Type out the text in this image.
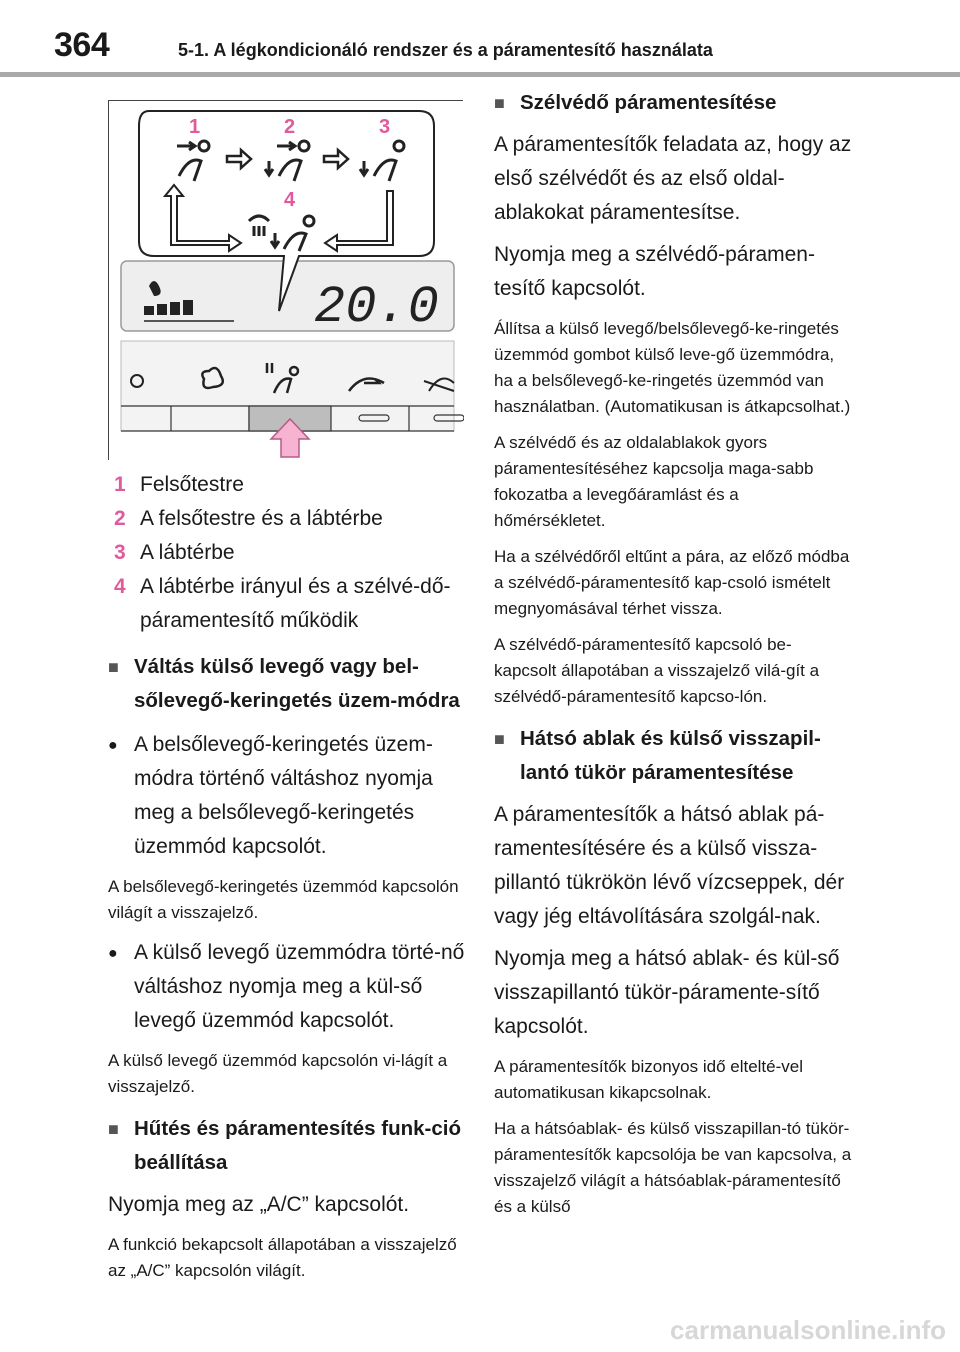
364	5-1. A légkondicionáló rendszer és a páramentesítő használata
1	2	3
4
20.0
1 Felsőtestre
2 A felsőtestre és a lábtérbe
3 A lábtérbe
4 A lábtérbe irányul és a szélvé-dő-páramentesítő működik
■ Váltás külső levegő vagy bel-sőlevegő-keringetés üzem-módra
● A belsőlevegő-keringetés üzem-módra történő váltáshoz nyomja meg a belsőlevegő-keringetés üzemmód kapcsolót.
A belsőlevegő-keringetés üzemmód kapcsolón világít a visszajelző.
● A külső levegő üzemmódra törté-nő váltáshoz nyomja meg a kül-ső levegő üzemmód kapcsolót.
A külső levegő üzemmód kapcsolón vi-lágít a visszajelző.
■ Hűtés és páramentesítés funk-ció beállítása
Nyomja meg az „A/C” kapcsolót.
A funkció bekapcsolt állapotában a visszajelző az „A/C” kapcsolón világít.
■ Szélvédő páramentesítése
A páramentesítők feladata az, hogy az első szélvédőt és az első oldal-ablakokat páramentesítse.
Nyomja meg a szélvédő-páramen-tesítő kapcsolót.
Állítsa a külső levegő/belsőlevegő-ke-ringetés üzemmód gombot külső leve-gő üzemmódra, ha a belsőlevegő-ke-ringetés üzemmód van használatban. (Automatikusan is átkapcsolhat.)
A szélvédő és az oldalablakok gyors páramentesítéséhez kapcsolja maga-sabb fokozatba a levegőáramlást és a hőmérsékletet.
Ha a szélvédőről eltűnt a pára, az előző módba a szélvédő-páramentesítő kap-csoló ismételt megnyomásával térhet vissza.
A szélvédő-páramentesítő kapcsoló be-kapcsolt állapotában a visszajelző vilá-gít a szélvédő-páramentesítő kapcso-lón.
■ Hátsó ablak és külső visszapil-lantó tükör páramentesítése
A páramentesítők a hátsó ablak pá-ramentesítésére és a külső vissza-pillantó tükrökön lévő vízcseppek, dér vagy jég eltávolítására szolgál-nak.
Nyomja meg a hátsó ablak- és kül-ső visszapillantó tükör-páramente-sítő kapcsolót.
A páramentesítők bizonyos idő eltelté-vel automatikusan kikapcsolnak.
Ha a hátsóablak- és külső visszapillan-tó tükör-páramentesítők kapcsolója be van kapcsolva, a visszajelző világít a hátsóablak-páramentesítő és a külső
carmanualsonline.info
